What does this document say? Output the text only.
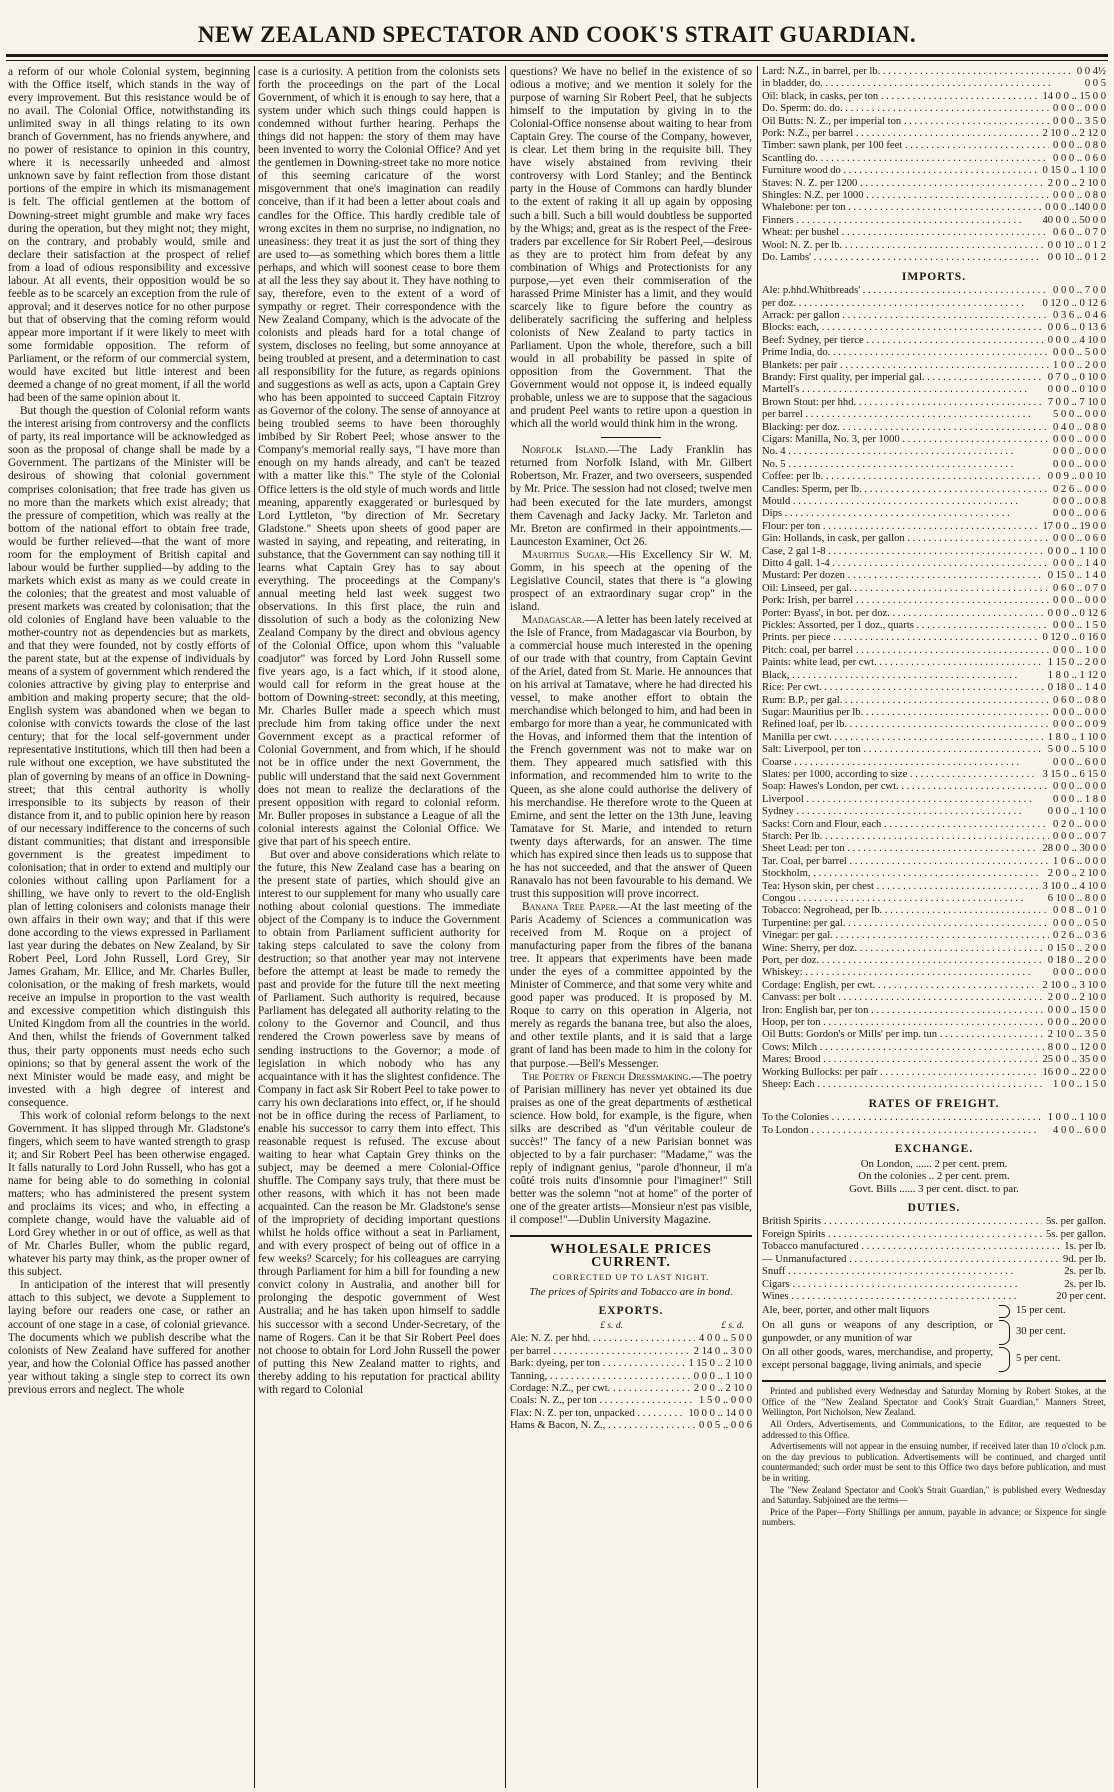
NEW ZEALAND SPECTATOR AND COOK'S STRAIT GUARDIAN.

a reform of our whole Colonial system, beginning with the Office itself, which stands in the way of every improvement. But this resistance would be of no avail. The Colonial Office, notwithstanding its unlimited sway in all things relating to its own branch of Government, has no friends anywhere, and no power of resistance to opinion in this country, where it is necessarily unheeded and almost unknown save by faint reflection from those distant portions of the empire in which its mismanagement is felt. The official gentlemen at the bottom of Downing-street might grumble and make wry faces during the operation, but they might not; they might, on the contrary, and probably would, smile and declare their satisfaction at the prospect of relief from a load of odious responsibility and excessive labour. At all events, their opposition would be so feeble as to be scarcely an exception from the rule of approval; and it deserves notice for no other purpose but that of observing that the coming reform would appear more important if it were likely to meet with some formidable opposition. The reform of Parliament, or the reform of our commercial system, would have excited but little interest and been deemed a change of no great moment, if all the world had been of the same opinion about it.

But though the question of Colonial reform wants the interest arising from controversy and the conflicts of party, its real importance will be acknowledged as soon as the proposal of change shall be made by a Government. The partizans of the Minister will be desirous of showing that colonial government comprises colonisation; that free trade has given us no more than the markets which exist already; that the pressure of competition, which was really at the bottom of the national effort to obtain free trade, would be further relieved—that the want of more room for the employment of British capital and labour would be further supplied—by adding to the markets which exist as many as we could create in the colonies; that the greatest and most valuable of present markets was created by colonisation; that the old colonies of England have been valuable to the mother-country not as dependencies but as markets, and that they were founded, not by costly efforts of the parent state, but at the expense of individuals by means of a system of government which rendered the colonies attractive by giving play to enterprise and ambition and making property secure; that the old-English system was abandoned when we began to colonise with convicts towards the close of the last century; that for the local self-government under representative institutions, which till then had been a rule without one exception, we have substituted the plan of governing by means of an office in Downing-street; that this central authority is wholly irresponsible to its subjects by reason of their distance from it, and to public opinion here by reason of our necessary indifference to the concerns of such distant communities; that distant and irresponsible government is the greatest impediment to colonisation; that in order to extend and multiply our colonies without calling upon Parliament for a shilling, we have only to revert to the old-English plan of letting colonisers and colonists manage their own affairs in their own way; and that if this were done according to the views expressed in Parliament last year during the debates on New Zealand, by Sir Robert Peel, Lord John Russell, Lord Grey, Sir James Graham, Mr. Ellice, and Mr. Charles Buller, colonisation, or the making of fresh markets, would receive an impulse in proportion to the vast wealth and excessive competition which distinguish this United Kingdom from all the countries in the world. And then, whilst the friends of Government talked thus, their party opponents must needs echo such opinions; so that by general assent the work of the next Minister would be made easy, and might be invested with a high degree of interest and consequence.

This work of colonial reform belongs to the next Government. It has slipped through Mr. Gladstone's fingers, which seem to have wanted strength to grasp it; and Sir Robert Peel has been otherwise engaged. It falls naturally to Lord John Russell, who has got a name for being able to do something in colonial matters; who has administered the present system and proclaims its vices; and who, in effecting a complete change, would have the valuable aid of Lord Grey whether in or out of office, as well as that of Mr. Charles Buller, whom the public regard, whatever his party may think, as the proper owner of this subject.

In anticipation of the interest that will presently attach to this subject, we devote a Supplement to laying before our readers one case, or rather an account of one stage in a case, of colonial grievance. The documents which we publish describe what the colonists of New Zealand have suffered for another year, and how the Colonial Office has passed another year without taking a single step to correct its own previous errors and neglect. The whole

case is a curiosity. A petition from the colonists sets forth the proceedings on the part of the Local Government, of which it is enough to say here, that a system under which such things could happen is condemned without further hearing. Perhaps the things did not happen: the story of them may have been invented to worry the Colonial Office? And yet the gentlemen in Downing-street take no more notice of this seeming caricature of the worst misgovernment that one's imagination can readily conceive, than if it had been a letter about coals and candles for the Office. This hardly credible tale of wrong excites in them no surprise, no indignation, no uneasiness: they treat it as just the sort of thing they are used to—as something which bores them a little perhaps, and which will soonest cease to bore them at all the less they say about it. They have nothing to say, therefore, even to the extent of a word of sympathy or regret. Their correspondence with the New Zealand Company, which is the advocate of the colonists and pleads hard for a total change of system, discloses no feeling, but some annoyance at being troubled at present, and a determination to cast all responsibility for the future, as regards opinions and suggestions as well as acts, upon a Captain Grey who has been appointed to succeed Captain Fitzroy as Governor of the colony. The sense of annoyance at being troubled seems to have been thoroughly imbibed by Sir Robert Peel; whose answer to the Company's memorial really says, "I have more than enough on my hands already, and can't be teazed with a matter like this." The style of the Colonial Office letters is the old style of much words and little meaning, apparently exaggerated or burlesqued by Lord Lyttleton, "by direction of Mr. Secretary Gladstone." Sheets upon sheets of good paper are wasted in saying, and repeating, and reiterating, in substance, that the Government can say nothing till it learns what Captain Grey has to say about everything. The proceedings at the Company's annual meeting held last week suggest two observations. In this first place, the ruin and dissolution of such a body as the colonizing New Zealand Company by the direct and obvious agency of the Colonial Office, upon whom this "valuable coadjutor" was forced by Lord John Russell some five years ago, is a fact which, if it stood alone, would call for reform in the great house at the bottom of Downing-street: secondly, at this meeting, Mr. Charles Buller made a speech which must preclude him from taking office under the next Government except as a practical reformer of Colonial Government, and from which, if he should not be in office under the next Government, the public will understand that the said next Government does not mean to realize the declarations of the present opposition with regard to colonial reform. Mr. Buller proposes in substance a League of all the colonial interests against the Colonial Office. We give that part of his speech entire.

But over and above considerations which relate to the future, this New Zealand case has a bearing on the present state of parties, which should give an interest to our supplement for many who usually care nothing about colonial questions. The immediate object of the Company is to induce the Government to obtain from Parliament sufficient authority for taking steps calculated to save the colony from destruction; so that another year may not intervene before the attempt at least be made to remedy the past and provide for the future till the next meeting of Parliament. Such authority is required, because Parliament has delegated all authority relating to the colony to the Governor and Council, and thus rendered the Crown powerless save by means of sending instructions to the Governor; a mode of legislation in which nobody who has any acquaintance with it has the slightest confidence. The Company in fact ask Sir Robert Peel to take power to carry his own declarations into effect, or, if he should not be in office during the recess of Parliament, to enable his successor to carry them into effect. This reasonable request is refused. The excuse about waiting to hear what Captain Grey thinks on the subject, may be deemed a mere Colonial-Office shuffle. The Company says truly, that there must be other reasons, with which it has not been made acquainted. Can the reason be Mr. Gladstone's sense of the impropriety of deciding important questions whilst he holds office without a seat in Parliament, and with every prospect of being out of office in a few weeks? Scarcely; for his colleagues are carrying through Parliament for him a bill for founding a new convict colony in Australia, and another bill for prolonging the despotic government of West Australia; and he has taken upon himself to saddle his successor with a second Under-Secretary, of the name of Rogers. Can it be that Sir Robert Peel does not choose to obtain for Lord John Russell the power of putting this New Zealand matter to rights, and thereby adding to his reputation for practical ability with regard to Colonial

questions? We have no belief in the existence of so odious a motive; and we mention it solely for the purpose of warning Sir Robert Peel, that he subjects himself to the imputation by giving in to the Colonial-Office nonsense about waiting to hear from Captain Grey. The course of the Company, however, is clear. Let them bring in the requisite bill. They have wisely abstained from reviving their controversy with Lord Stanley; and the Bentinck party in the House of Commons can hardly blunder to the extent of raking it all up again by opposing such a bill. Such a bill would doubtless be supported by the Whigs; and, great as is the respect of the Free-traders par excellence for Sir Robert Peel,—desirous as they are to protect him from defeat by any combination of Whigs and Protectionists for any purpose,—yet even their commiseration of the harassed Prime Minister has a limit, and they would scarcely like to figure before the country as deliberately sacrificing the suffering and helpless colonists of New Zealand to party tactics in Parliament. Upon the whole, therefore, such a bill would in all probability be passed in spite of opposition from the Government. That the Government would not oppose it, is indeed equally probable, unless we are to suppose that the sagacious and prudent Peel wants to retire upon a question in which all the world would think him in the wrong.

Norfolk Island.—The Lady Franklin has returned from Norfolk Island, with Mr. Gilbert Robertson, Mr. Frazer, and two overseers, suspended by Mr. Price. The session had not closed; twelve men had been executed for the late murders, amongst them Cavenagh and Jacky Jacky. Mr. Tarleton and Mr. Breton are confirmed in their appointments.—Launceston Examiner, Oct 26.

Mauritius Sugar.—His Excellency Sir W. M. Gomm, in his speech at the opening of the Legislative Council, states that there is "a glowing prospect of an extraordinary sugar crop" in the island.

Madagascar.—A letter has been lately received at the Isle of France, from Madagascar via Bourbon, by a commercial house much interested in the opening of our trade with that country, from Captain Gevint of the Ariel, dated from St. Marie. He announces that on his arrival at Tamatave, where he had directed his vessel, to make another effort to obtain the merchandise which belonged to him, and had been in embargo for more than a year, he communicated with the Hovas, and informed them that the intention of the French government was not to make war on them. They appeared much satisfied with this information, and recommended him to write to the Queen, as she alone could authorise the delivery of his merchandise. He therefore wrote to the Queen at Emirne, and sent the letter on the 13th June, leaving Tamatave for St. Marie, and intended to return twenty days afterwards, for an answer. The time which has expired since then leads us to suppose that he has not succeeded, and that the answer of Queen Ranavalo has not been favourable to his demand. We trust this supposition will prove incorrect.

Banana Tree Paper.—At the last meeting of the Paris Academy of Sciences a communication was received from M. Roque on a project of manufacturing paper from the fibres of the banana tree. It appears that experiments have been made under the eyes of a committee appointed by the Minister of Commerce, and that some very white and good paper was produced. It is proposed by M. Roque to carry on this operation in Algeria, not merely as regards the banana tree, but also the aloes, and other textile plants, and it is said that a large grant of land has been made to him in the colony for that purpose.—Bell's Messenger.

The Poetry of French Dressmaking.—The poetry of Parisian millinery has never yet obtained its due praises as one of the great departments of æsthetical science. How bold, for example, is the figure, when silks are described as "d'un véritable couleur de succès!" The fancy of a new Parisian bonnet was objected to by a fair purchaser: "Madame," was the reply of indignant genius, "parole d'honneur, il m'a coûté trois nuits d'insomnie pour l'imaginer!" Still better was the solemn "not at home" of the porter of one of the greater artists—Monsieur n'est pas visible, il compose!"—Dublin University Magazine.

WHOLESALE PRICES CURRENT.
CORRECTED UP TO LAST NIGHT.
The prices of Spirits and Tobacco are in bond.
EXPORTS.
£ s. d.	£ s. d.
Ale: N. Z. per hhd. . . .	4 0 0 .. 5 0 0
per barrel . . .	2 14 0 .. 3 0 0
Bark: dyeing, per ton . . .	1 15 0 .. 2 10 0
Tanning, . . .	0 0 0 .. 1 10 0
Cordage: N.Z., per cwt. . . .	2 0 0 .. 2 10 0
Coals: N. Z., per ton . . .	1 5 0 .. 0 0 0
Flax: N. Z. per ton, unpacked . . .	10 0 0 .. 14 0 0
Hams & Bacon, N. Z., . . .	0 0 5 .. 0 0 6
Lard: N.Z., in barrel, per lb. . . .	0 0 4½
in bladder, do. . . .	0 0 5
Oil: black, in casks, per ton . . .	14 0 0 .. 15 0 0
Do. Sperm: do. do. . . .	0 0 0 .. 0 0 0
Oil Butts: N. Z., per imperial ton . . .	0 0 0 .. 3 5 0
Pork: N.Z., per barrel . . .	2 10 0 .. 2 12 0
Timber: sawn plank, per 100 feet . . .	0 0 0 .. 0 8 0
Scantling do. . . .	0 0 0 .. 0 6 0
Furniture wood do . . .	0 15 0 .. 1 10 0
Staves: N. Z. per 1200 . . .	2 0 0 .. 2 10 0
Shingles: N.Z. per 1000 . . .	0 0 0 .. 0 8 0
Whalebone: per ton . . .	0 0 0 ..140 0 0
Finners . . .	40 0 0 .. 50 0 0
Wheat: per bushel . . .	0 6 0 .. 0 7 0
Wool: N. Z. per lb. . . .	0 0 10 .. 0 1 2
Do. Lambs' . . .	0 0 10 .. 0 1 2
IMPORTS.
Ale: p.hhd.Whitbreads' . . .	0 0 0 .. 7 0 0
per doz. . . .	0 12 0 .. 0 12 6
Arrack: per gallon . . .	0 3 6 .. 0 4 6
Blocks: each, . . .	0 0 6 .. 0 13 6
Beef: Sydney, per tierce . . .	0 0 0 .. 4 10 0
Prime India, do. . . .	0 0 0 .. 5 0 0
Blankets: per pair . . .	1 0 0 .. 2 0 0
Brandy: First quality, per imperial gal. . . .	0 7 0 .. 0 10 0
Martell's . . .	0 0 0 .. 0 10 0
Brown Stout: per hhd. . . .	7 0 0 .. 7 10 0
per barrel . . .	5 0 0 .. 0 0 0
Blacking: per doz. . . .	0 4 0 .. 0 8 0
Cigars: Manilla, No. 3, per 1000 . . .	0 0 0 .. 0 0 0
No. 4 . . .	0 0 0 .. 0 0 0
No. 5 . . .	0 0 0 .. 0 0 0
Coffee: per lb. . . .	0 0 9 .. 0 0 10
Candles: Sperm, per lb. . . .	0 2 6 .. 0 0 0
Mould . . .	0 0 0 .. 0 0 8
Dips . . .	0 0 0 .. 0 0 6
Flour: per ton . . .	17 0 0 .. 19 0 0
Gin: Hollands, in cask, per gallon . . .	0 0 0 .. 0 6 0
Case, 2 gal 1-8 . . .	0 0 0 .. 1 10 0
Ditto 4 gall. 1-4 . . .	0 0 0 .. 1 4 0
Mustard: Per dozen . . .	0 15 0 .. 1 4 0
Oil: Linseed, per gal. . . .	0 6 0 .. 0 7 0
Pork: Irish, per barrel . . .	0 0 0 .. 0 0 0
Porter: Byass', in bot. per doz. . . .	0 0 0 .. 0 12 6
Pickles: Assorted, per 1 doz., quarts . . .	0 0 0 .. 1 5 0
Prints. per piece . . .	0 12 0 .. 0 16 0
Pitch: coal, per barrel . . .	0 0 0 .. 1 0 0
Paints: white lead, per cwt. . . .	1 15 0 .. 2 0 0
Black, . . .	1 8 0 .. 1 12 0
Rice: Per cwt. . . .	0 18 0 .. 1 4 0
Rum: B.P., per gal. . . .	0 6 0 .. 0 8 0
Sugar: Mauritius per lb. . . .	0 0 0 .. 0 0 0
Refined loaf, per lb. . . .	0 0 0 .. 0 0 9
Manilla per cwt. . . .	1 8 0 .. 1 10 0
Salt: Liverpool, per ton . . .	5 0 0 .. 5 10 0
Coarse . . .	0 0 0 .. 6 0 0
Slates: per 1000, according to size . . .	3 15 0 .. 6 15 0
Soap: Hawes's London, per cwt. . . .	0 0 0 .. 0 0 0
Liverpool . . .	0 0 0 .. 1 8 0
Sydney . . .	0 0 0 .. 1 10 0
Sacks: Corn and Flour, each . . .	0 2 0 .. 0 0 0
Starch: Per lb. . . .	0 0 0 .. 0 0 7
Sheet Lead: per ton . . .	28 0 0 .. 30 0 0
Tar. Coal, per barrel . . .	1 0 6 .. 0 0 0
Stockholm, . . .	2 0 0 .. 2 10 0
Tea: Hyson skin, per chest . . .	3 10 0 .. 4 10 0
Congou . . .	6 10 0 .. 8 0 0
Tobacco: Negrohead, per lb. . . .	0 0 8 .. 0 1 0
Turpentine: per gal. . . .	0 0 0 .. 0 5 0
Vinegar: per gal. . . .	0 2 6 .. 0 3 6
Wine: Sherry, per doz. . . .	0 15 0 .. 2 0 0
Port, per doz. . . .	0 18 0 .. 2 0 0
Whiskey: . . .	0 0 0 .. 0 0 0
Cordage: English, per cwt. . . .	2 10 0 .. 3 10 0
Canvass: per bolt . . .	2 0 0 .. 2 10 0
Iron: English bar, per ton . . .	0 0 0 .. 15 0 0
Hoop, per ton . . .	0 0 0 .. 20 0 0
Oil Butts: Gordon's or Mills' per imp. tun . . .	2 10 0 .. 3 5 0
Cows: Milch . . .	8 0 0 .. 12 0 0
Mares: Brood . . .	25 0 0 .. 35 0 0
Working Bullocks: per pair . . .	16 0 0 .. 22 0 0
Sheep: Each . . .	1 0 0 .. 1 5 0
RATES OF FREIGHT.
To the Colonies . . .	1 0 0 .. 1 10 0
To London . . .	4 0 0 .. 6 0 0
EXCHANGE.
On London, ...... 2 per cent. prem.
On the colonies .. 2 per cent. prem.
Govt. Bills ...... 3 per cent. disct. to par.
DUTIES.
British Spirits . . .	5s. per gallon.
Foreign Spirits . . .	5s. per gallon.
Tobacco manufactured . . .	1s. per lb.
— Unmanufactured . . .	9d. per lb.
Snuff . . .	2s. per lb.
Cigars . . .	2s. per lb.
Wines . . .	20 per cent.
Ale, beer, porter, and other malt liquors	15 per cent.
On all guns or weapons of any description, or gunpowder, or any munition of war
30 per cent.
On all other goods, wares, merchandise, and property, except personal baggage, living animals, and specie
5 per cent.

Printed and published every Wednesday and Saturday Morning by Robert Stokes, at the Office of the "New Zealand Spectator and Cook's Strait Guardian," Manners Street, Wellington, Port Nicholson, New Zealand.

All Orders, Advertisements, and Communications, to the Editor, are requested to be addressed to this Office.

Advertisements will not appear in the ensuing number, if received later than 10 o'clock p.m. on the day previous to publication. Advertisements will be continued, and charged until countermanded; such order must be sent to this Office two days before publication, and must be in writing.

The "New Zealand Spectator and Cook's Strait Guardian," is published every Wednesday and Saturday. Subjoined are the terms—

Price of the Paper—Forty Shillings per annum, payable in advance; or Sixpence for single numbers.
